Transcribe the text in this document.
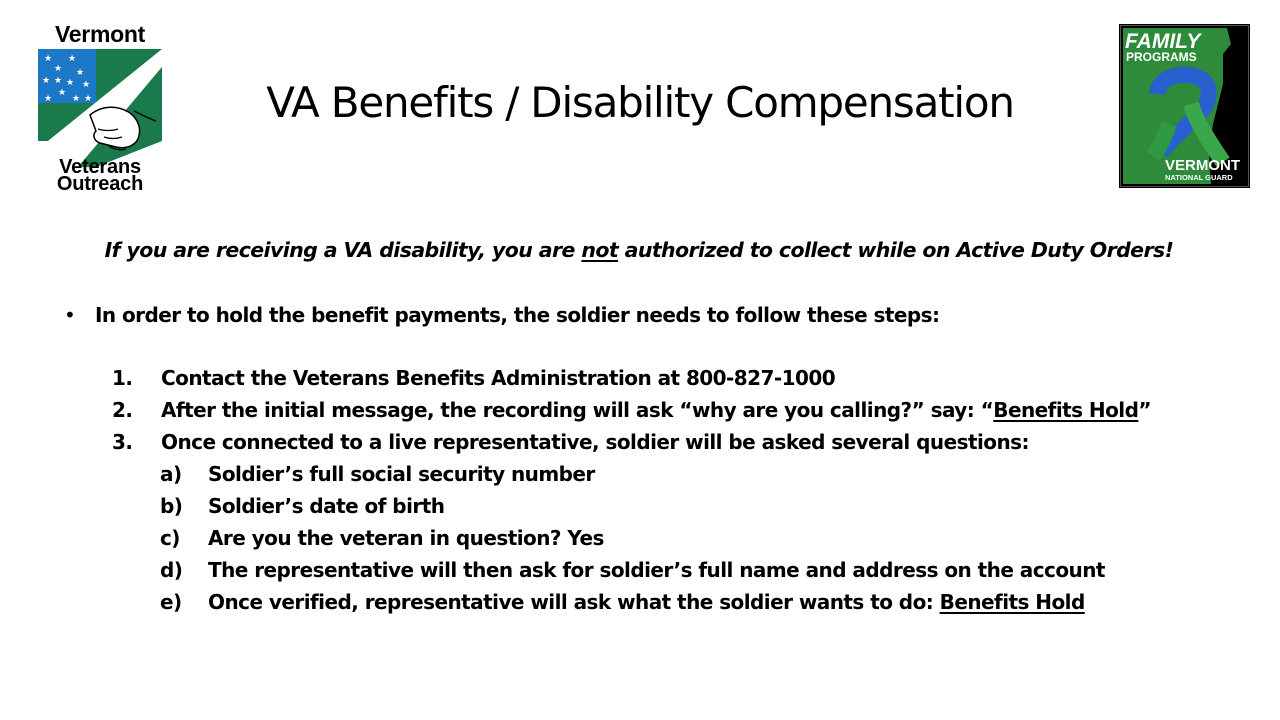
Vermont
★ ★
★ ★
★ ★ ★ ★
★
★ ★ ★
Veterans
Outreach
FAMILY
PROGRAMS
VERMONT
NATIONAL GUARD
VA Benefits / Disability Compensation
If you are receiving a VA disability, you are not authorized to collect while on Active Duty Orders!
• In order to hold the benefit payments, the soldier needs to follow these steps:
1. Contact the Veterans Benefits Administration at 800-827-1000
2. After the initial message, the recording will ask “why are you calling?” say: “Benefits Hold”
3. Once connected to a live representative, soldier will be asked several questions:
a) Soldier’s full social security number
b) Soldier’s date of birth
c) Are you the veteran in question? Yes
d) The representative will then ask for soldier’s full name and address on the account
e) Once verified, representative will ask what the soldier wants to do: Benefits Hold
